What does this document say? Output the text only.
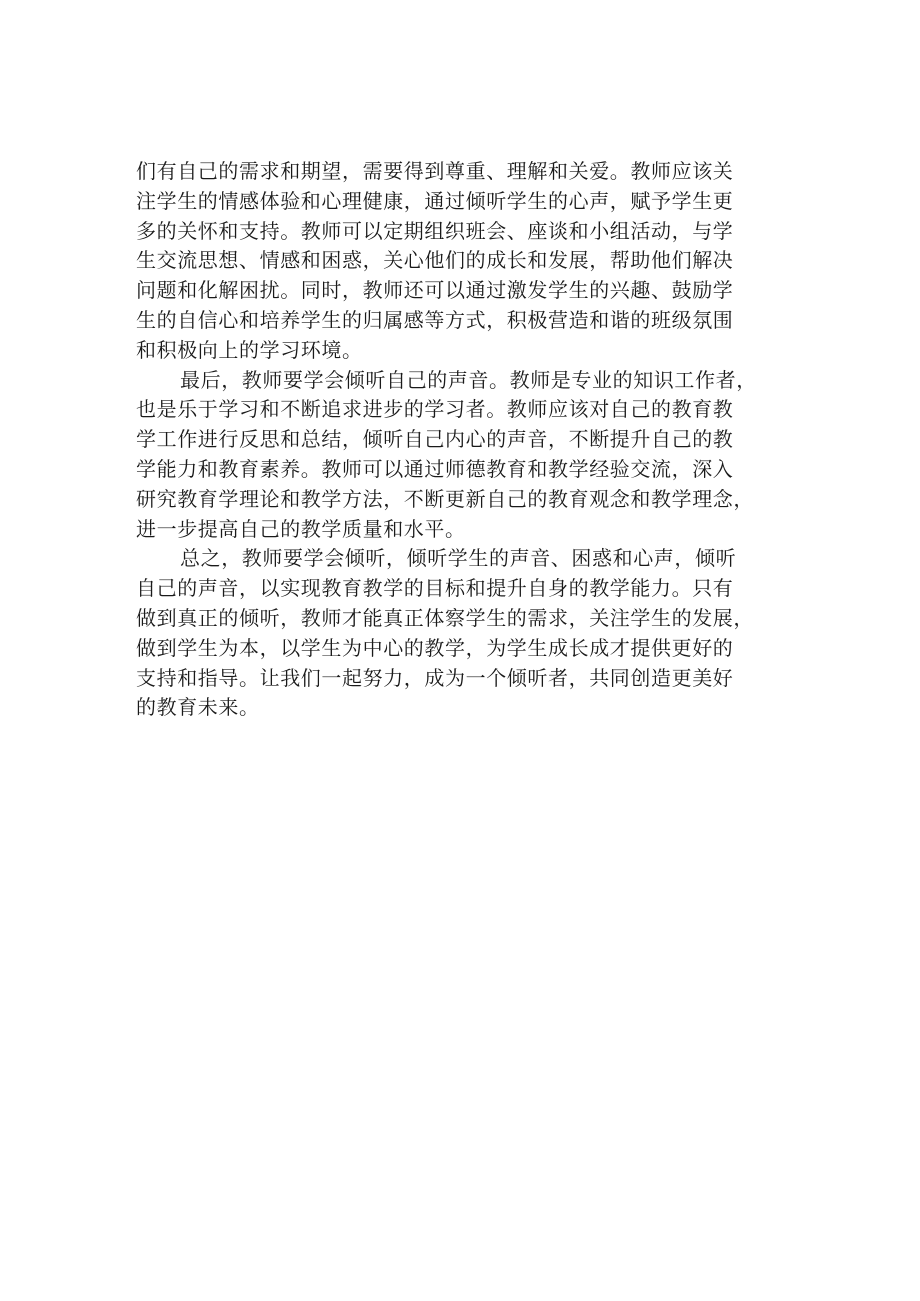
们有自己的需求和期望，需要得到尊重、理解和关爱。教师应该关
注学生的情感体验和心理健康，通过倾听学生的心声，赋予学生更
多的关怀和支持。教师可以定期组织班会、座谈和小组活动，与学
生交流思想、情感和困惑，关心他们的成长和发展，帮助他们解决
问题和化解困扰。同时，教师还可以通过激发学生的兴趣、鼓励学
生的自信心和培养学生的归属感等方式，积极营造和谐的班级氛围
和积极向上的学习环境。
最后，教师要学会倾听自己的声音。教师是专业的知识工作者，
也是乐于学习和不断追求进步的学习者。教师应该对自己的教育教
学工作进行反思和总结，倾听自己内心的声音，不断提升自己的教
学能力和教育素养。教师可以通过师德教育和教学经验交流，深入
研究教育学理论和教学方法，不断更新自己的教育观念和教学理念，
进一步提高自己的教学质量和水平。
总之，教师要学会倾听，倾听学生的声音、困惑和心声，倾听
自己的声音，以实现教育教学的目标和提升自身的教学能力。只有
做到真正的倾听，教师才能真正体察学生的需求，关注学生的发展，
做到学生为本，以学生为中心的教学，为学生成长成才提供更好的
支持和指导。让我们一起努力，成为一个倾听者，共同创造更美好
的教育未来。
